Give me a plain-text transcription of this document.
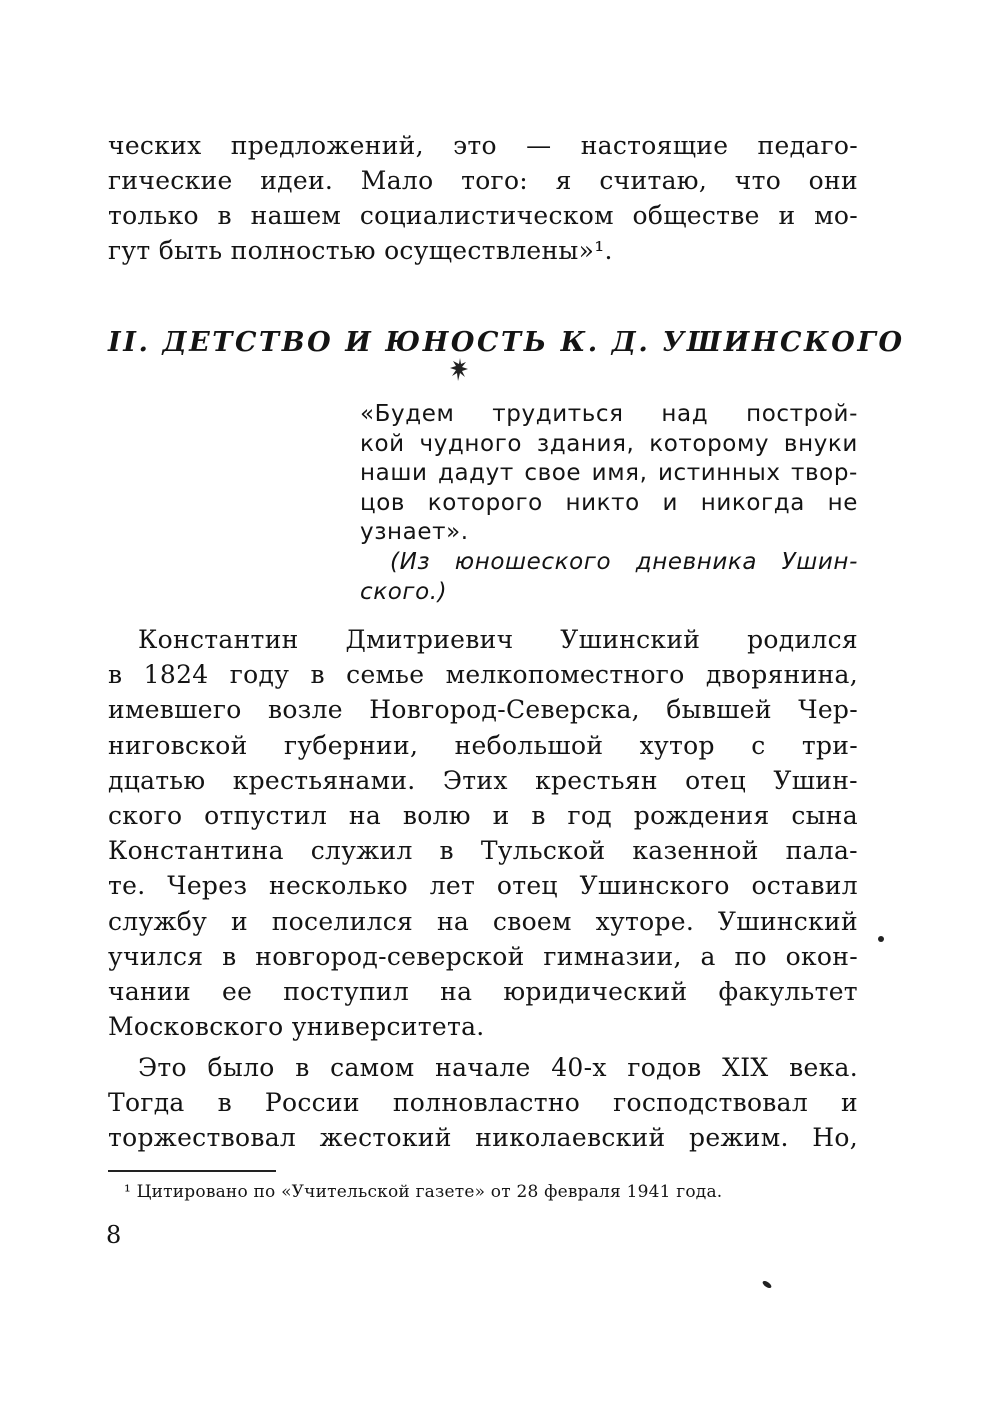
ческих предложений, это — настоящие педаго-
гические идеи. Мало того: я считаю, что они
только в нашем социалистическом обществе и мо-
гут быть полностью осуществлены»¹.
II. ДЕТСТВО И ЮНОСТЬ К. Д. УШИНСКОГО
«Будем трудиться над построй-
кой чудного здания, которому внуки
наши дадут свое имя, истинных твор-
цов которого никто и никогда не
узнает».
(Из юношеского дневника Ушин-
ского.)
Константин Дмитриевич Ушинский родился
в 1824 году в семье мелкопоместного дворянина,
имевшего возле Новгород-Северска, бывшей Чер-
ниговской губернии, небольшой хутор с три-
дцатью крестьянами. Этих крестьян отец Ушин-
ского отпустил на волю и в год рождения сына
Константина служил в Тульской казенной пала-
те. Через несколько лет отец Ушинского оставил
службу и поселился на своем хуторе. Ушинский
учился в новгород-северской гимназии, а по окон-
чании ее поступил на юридический факультет
Московского университета.
Это было в самом начале 40-х годов XIX века.
Тогда в России полновластно господствовал и
торжествовал жестокий николаевский режим. Но,
¹ Цитировано по «Учительской газете» от 28 февраля 1941 года.
8
